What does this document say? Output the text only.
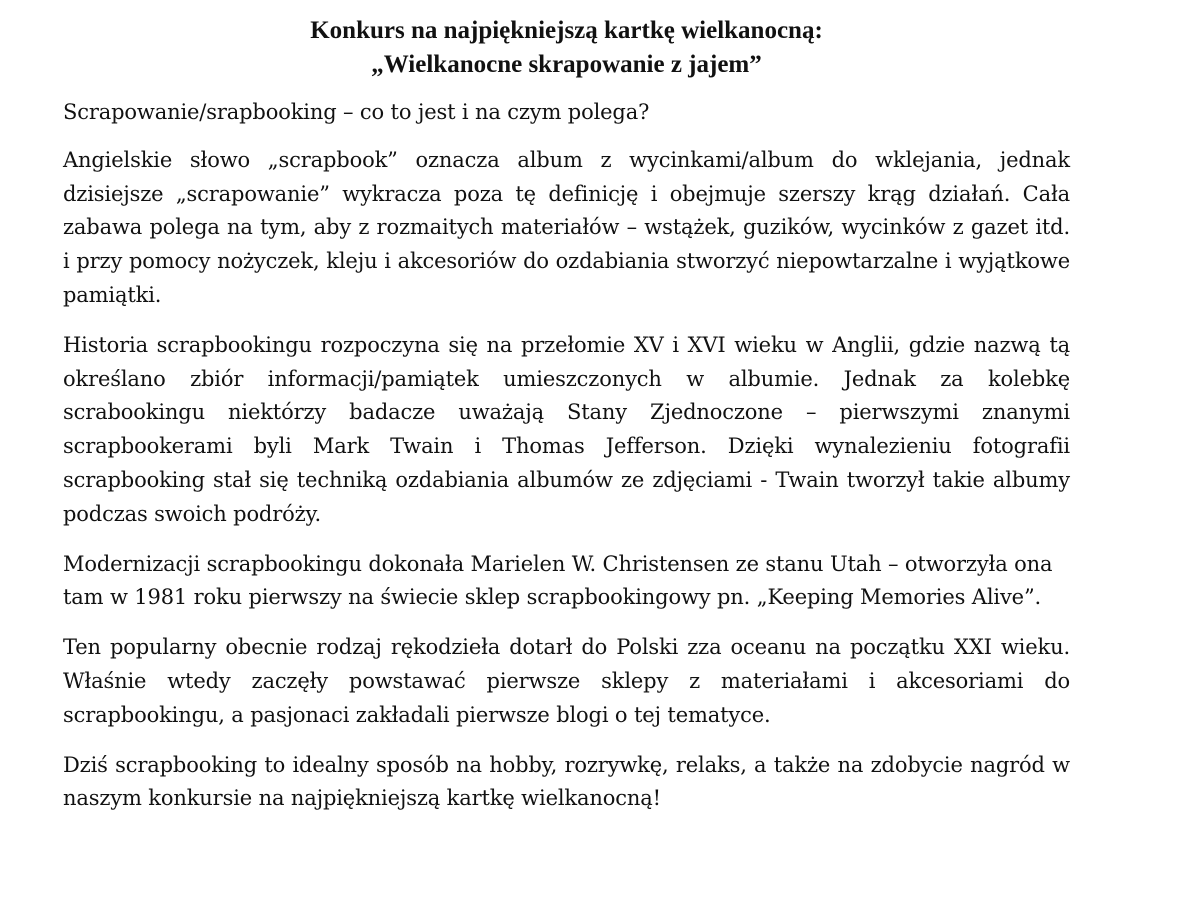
Konkurs na najpiękniejszą kartkę wielkanocną:
„Wielkanocne skrapowanie z jajem”

Scrapowanie/srapbooking – co to jest i na czym polega?

Angielskie słowo „scrapbook” oznacza album z wycinkami/album do wklejania, jednak dzisiejsze „scrapowanie” wykracza poza tę definicję i obejmuje szerszy krąg działań. Cała zabawa polega na tym, aby z rozmaitych materiałów – wstążek, guzików, wycinków z gazet itd. i przy pomocy nożyczek, kleju i akcesoriów do ozdabiania stworzyć niepowtarzalne i wyjątkowe pamiątki.

Historia scrapbookingu rozpoczyna się na przełomie XV i XVI wieku w Anglii, gdzie nazwą tą określano zbiór informacji/pamiątek umieszczonych w albumie. Jednak za kolebkę scrabookingu niektórzy badacze uważają Stany Zjednoczone – pierwszymi znanymi scrapbookerami byli Mark Twain i Thomas Jefferson. Dzięki wynalezieniu fotografii scrapbooking stał się techniką ozdabiania albumów ze zdjęciami - Twain tworzył takie albumy podczas swoich podróży.

Modernizacji scrapbookingu dokonała Marielen W. Christensen ze stanu Utah – otworzyła ona tam w 1981 roku pierwszy na świecie sklep scrapbookingowy pn. „Keeping Memories Alive”.

Ten popularny obecnie rodzaj rękodzieła dotarł do Polski zza oceanu na początku XXI wieku. Właśnie wtedy zaczęły powstawać pierwsze sklepy z materiałami i akcesoriami do scrapbookingu, a pasjonaci zakładali pierwsze blogi o tej tematyce.

Dziś scrapbooking to idealny sposób na hobby, rozrywkę, relaks, a także na zdobycie nagród w naszym konkursie na najpiękniejszą kartkę wielkanocną!
